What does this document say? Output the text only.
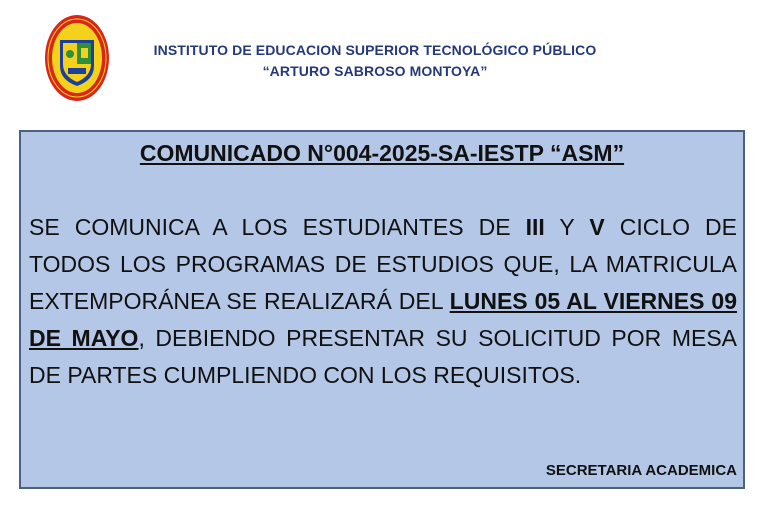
INSTITUTO DE EDUCACION SUPERIOR TECNOLÓGICO PÚBLICO
“ARTURO SABROSO MONTOYA”
COMUNICADO N°004-2025-SA-IESTP “ASM”
SE COMUNICA A LOS ESTUDIANTES DE III Y V CICLO DE TODOS LOS PROGRAMAS DE ESTUDIOS QUE, LA MATRICULA EXTEMPORÁNEA SE REALIZARÁ DEL LUNES 05 AL VIERNES 09 DE MAYO, DEBIENDO PRESENTAR SU SOLICITUD POR MESA DE PARTES CUMPLIENDO CON LOS REQUISITOS.
SECRETARIA ACADEMICA
